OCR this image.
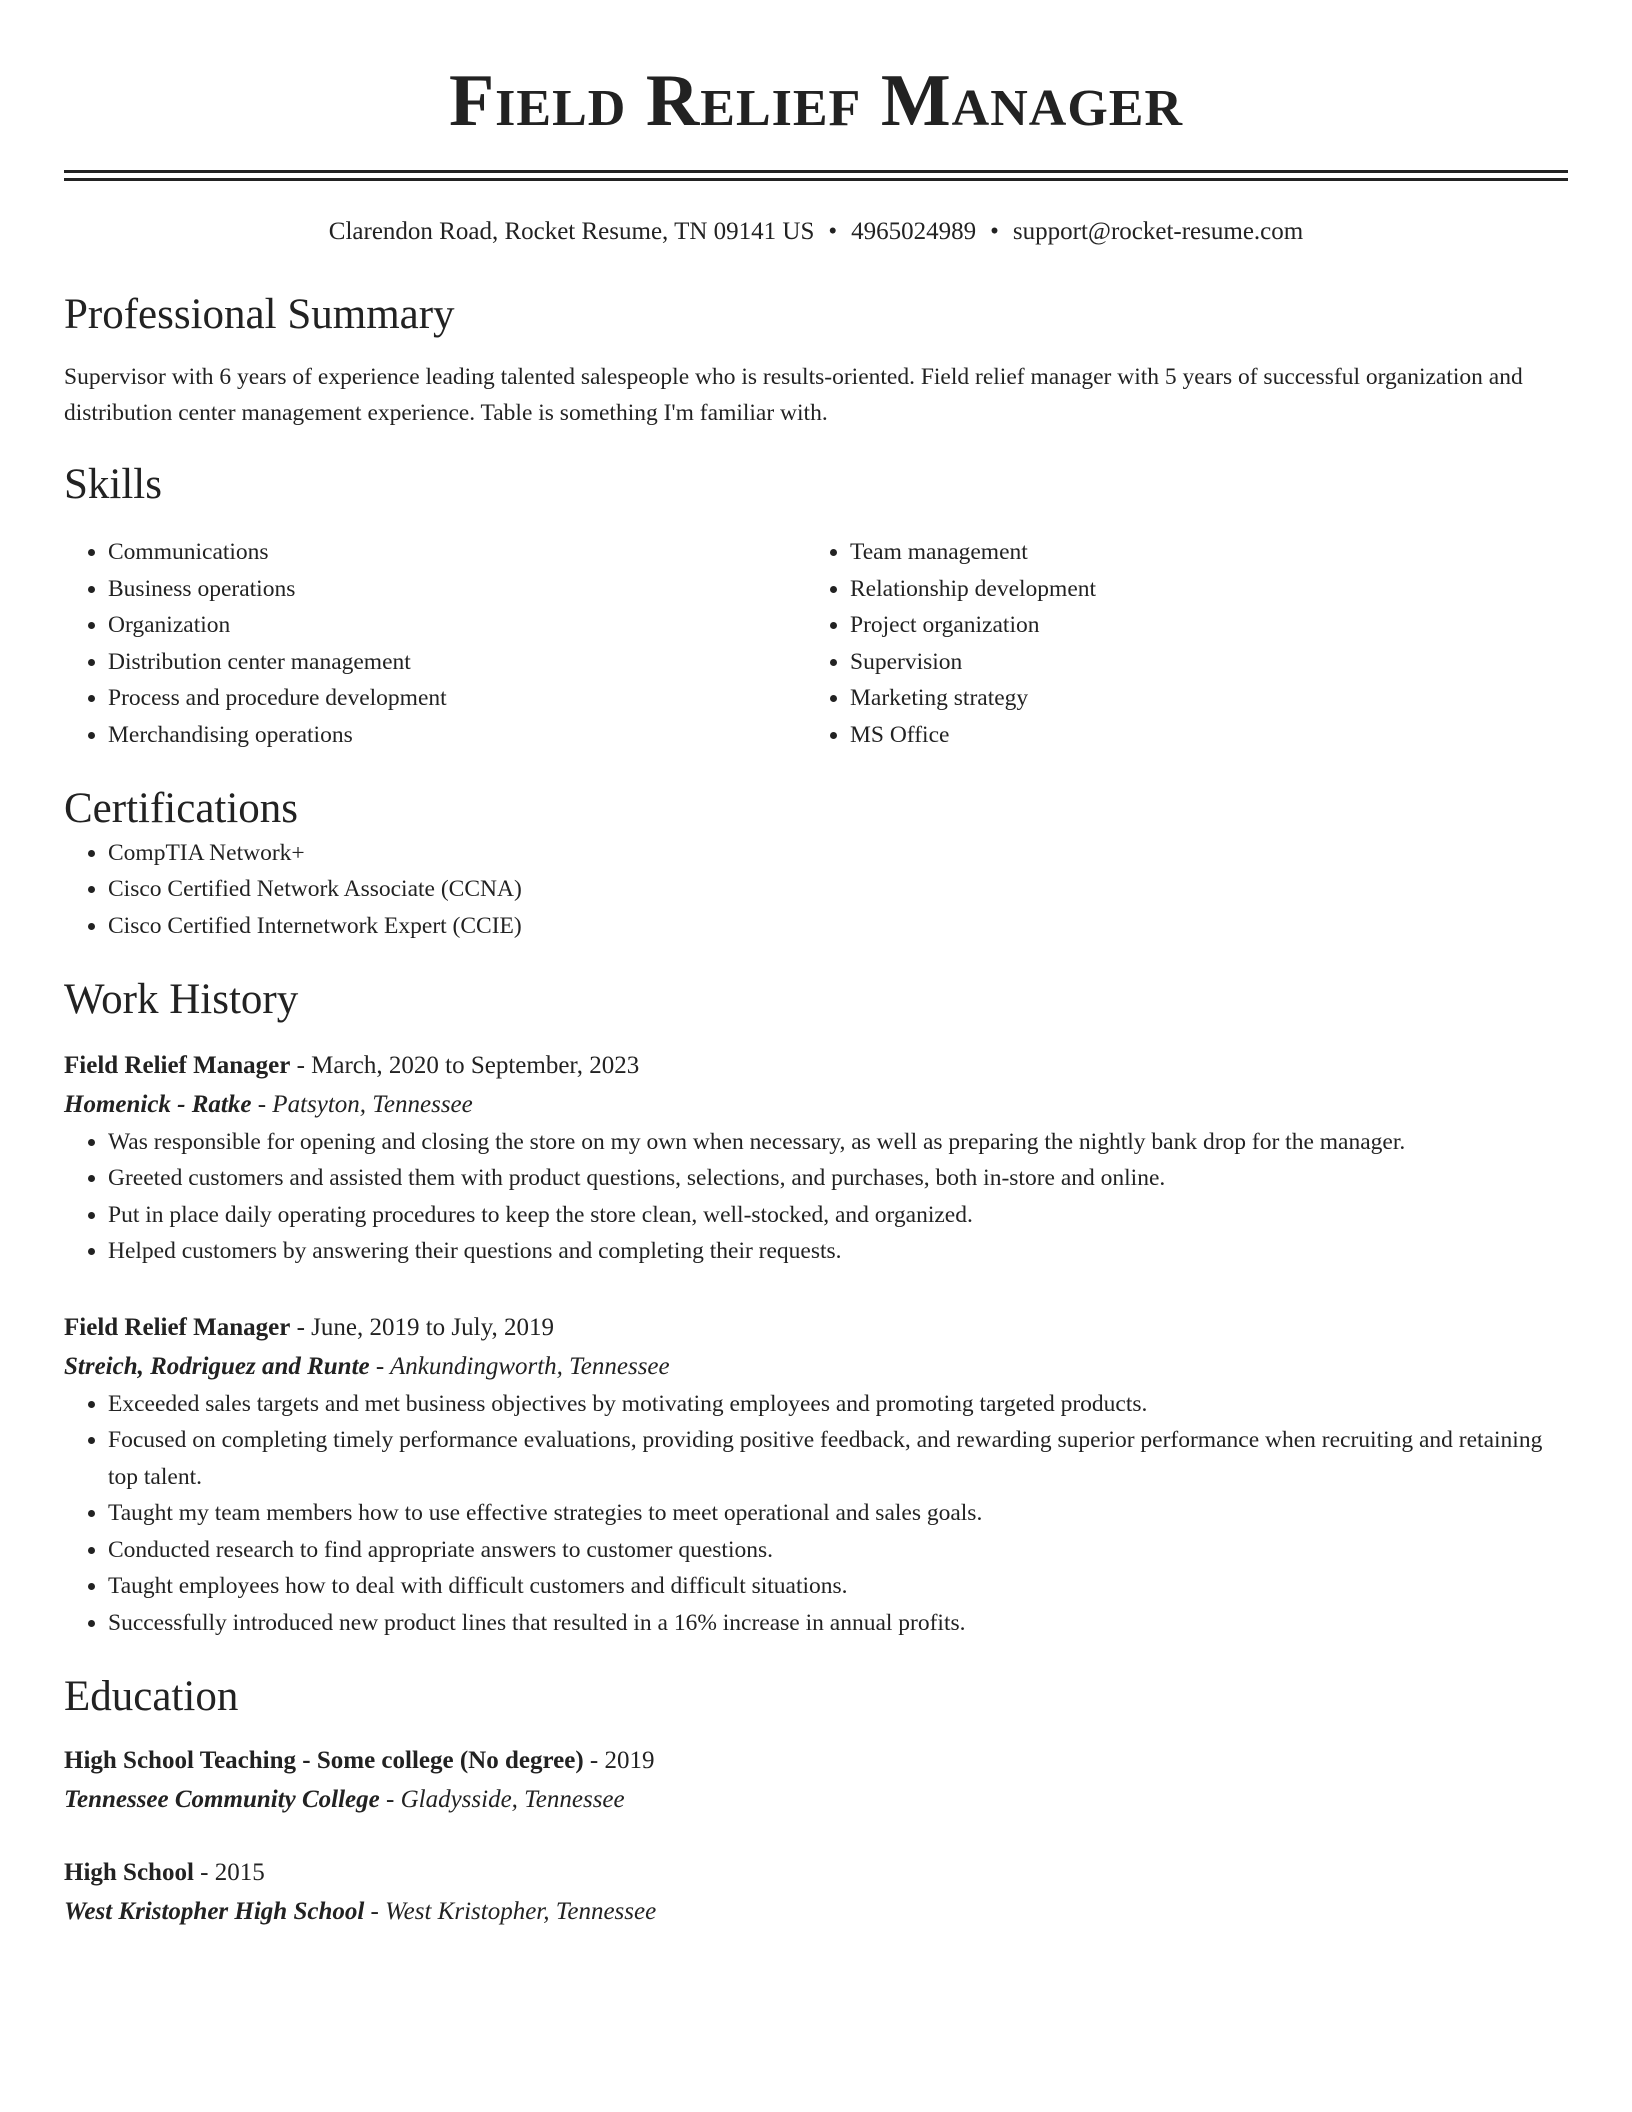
Field Relief Manager
Clarendon Road, Rocket Resume, TN 09141 US • 4965024989 • support@rocket-resume.com
Professional Summary

Supervisor with 6 years of experience leading talented salespeople who is results-oriented. Field relief manager with 5 years of successful organization and distribution center management experience. Table is something I'm familiar with.

Skills
• Communications
• Business operations
• Organization
• Distribution center management
• Process and procedure development
• Merchandising operations
• Team management
• Relationship development
• Project organization
• Supervision
• Marketing strategy
• MS Office
Certifications
• CompTIA Network+
• Cisco Certified Network Associate (CCNA)
• Cisco Certified Internetwork Expert (CCIE)
Work History
Field Relief Manager - March, 2020 to September, 2023
Homenick - Ratke - Patsyton, Tennessee
• Was responsible for opening and closing the store on my own when necessary, as well as preparing the nightly bank drop for the manager.
• Greeted customers and assisted them with product questions, selections, and purchases, both in-store and online.
• Put in place daily operating procedures to keep the store clean, well-stocked, and organized.
• Helped customers by answering their questions and completing their requests.
Field Relief Manager - June, 2019 to July, 2019
Streich, Rodriguez and Runte - Ankundingworth, Tennessee
• Exceeded sales targets and met business objectives by motivating employees and promoting targeted products.
• Focused on completing timely performance evaluations, providing positive feedback, and rewarding superior performance when recruiting and retaining top talent.
• Taught my team members how to use effective strategies to meet operational and sales goals.
• Conducted research to find appropriate answers to customer questions.
• Taught employees how to deal with difficult customers and difficult situations.
• Successfully introduced new product lines that resulted in a 16% increase in annual profits.
Education
High School Teaching - Some college (No degree) - 2019
Tennessee Community College - Gladysside, Tennessee
High School - 2015
West Kristopher High School - West Kristopher, Tennessee
